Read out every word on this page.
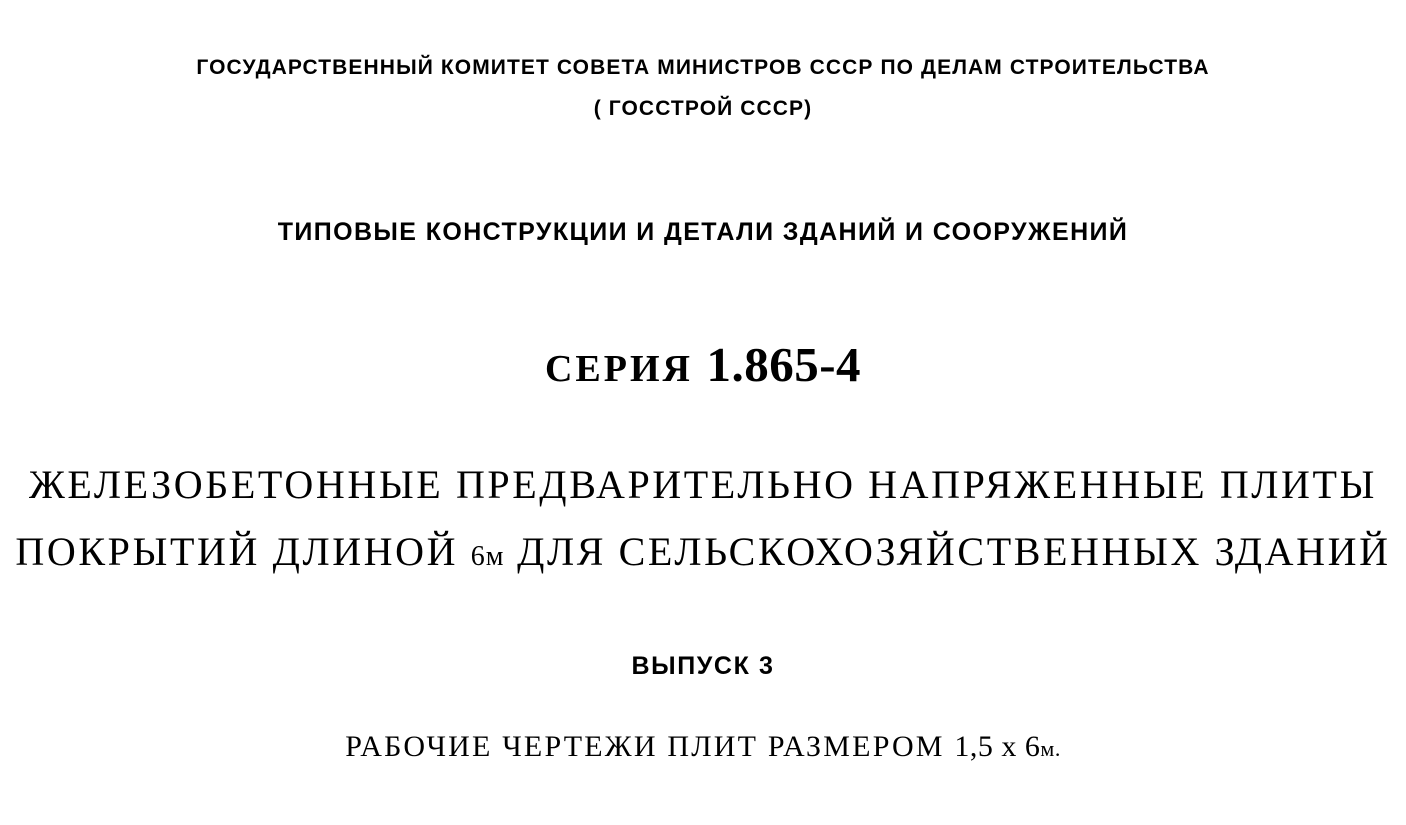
ГОСУДАРСТВЕННЫЙ КОМИТЕТ СОВЕТА МИНИСТРОВ СССР ПО ДЕЛАМ СТРОИТЕЛЬСТВА
( ГОССТРОЙ СССР)
ТИПОВЫЕ КОНСТРУКЦИИ И ДЕТАЛИ ЗДАНИЙ И СООРУЖЕНИЙ
СЕРИЯ 1.865-4
ЖЕЛЕЗОБЕТОННЫЕ ПРЕДВАРИТЕЛЬНО НАПРЯЖЕННЫЕ ПЛИТЫ
ПОКРЫТИЙ ДЛИНОЙ 6м ДЛЯ СЕЛЬСКОХОЗЯЙСТВЕННЫХ ЗДАНИЙ
ВЫПУСК 3
РАБОЧИЕ ЧЕРТЕЖИ ПЛИТ РАЗМЕРОМ 1,5 x 6м.
